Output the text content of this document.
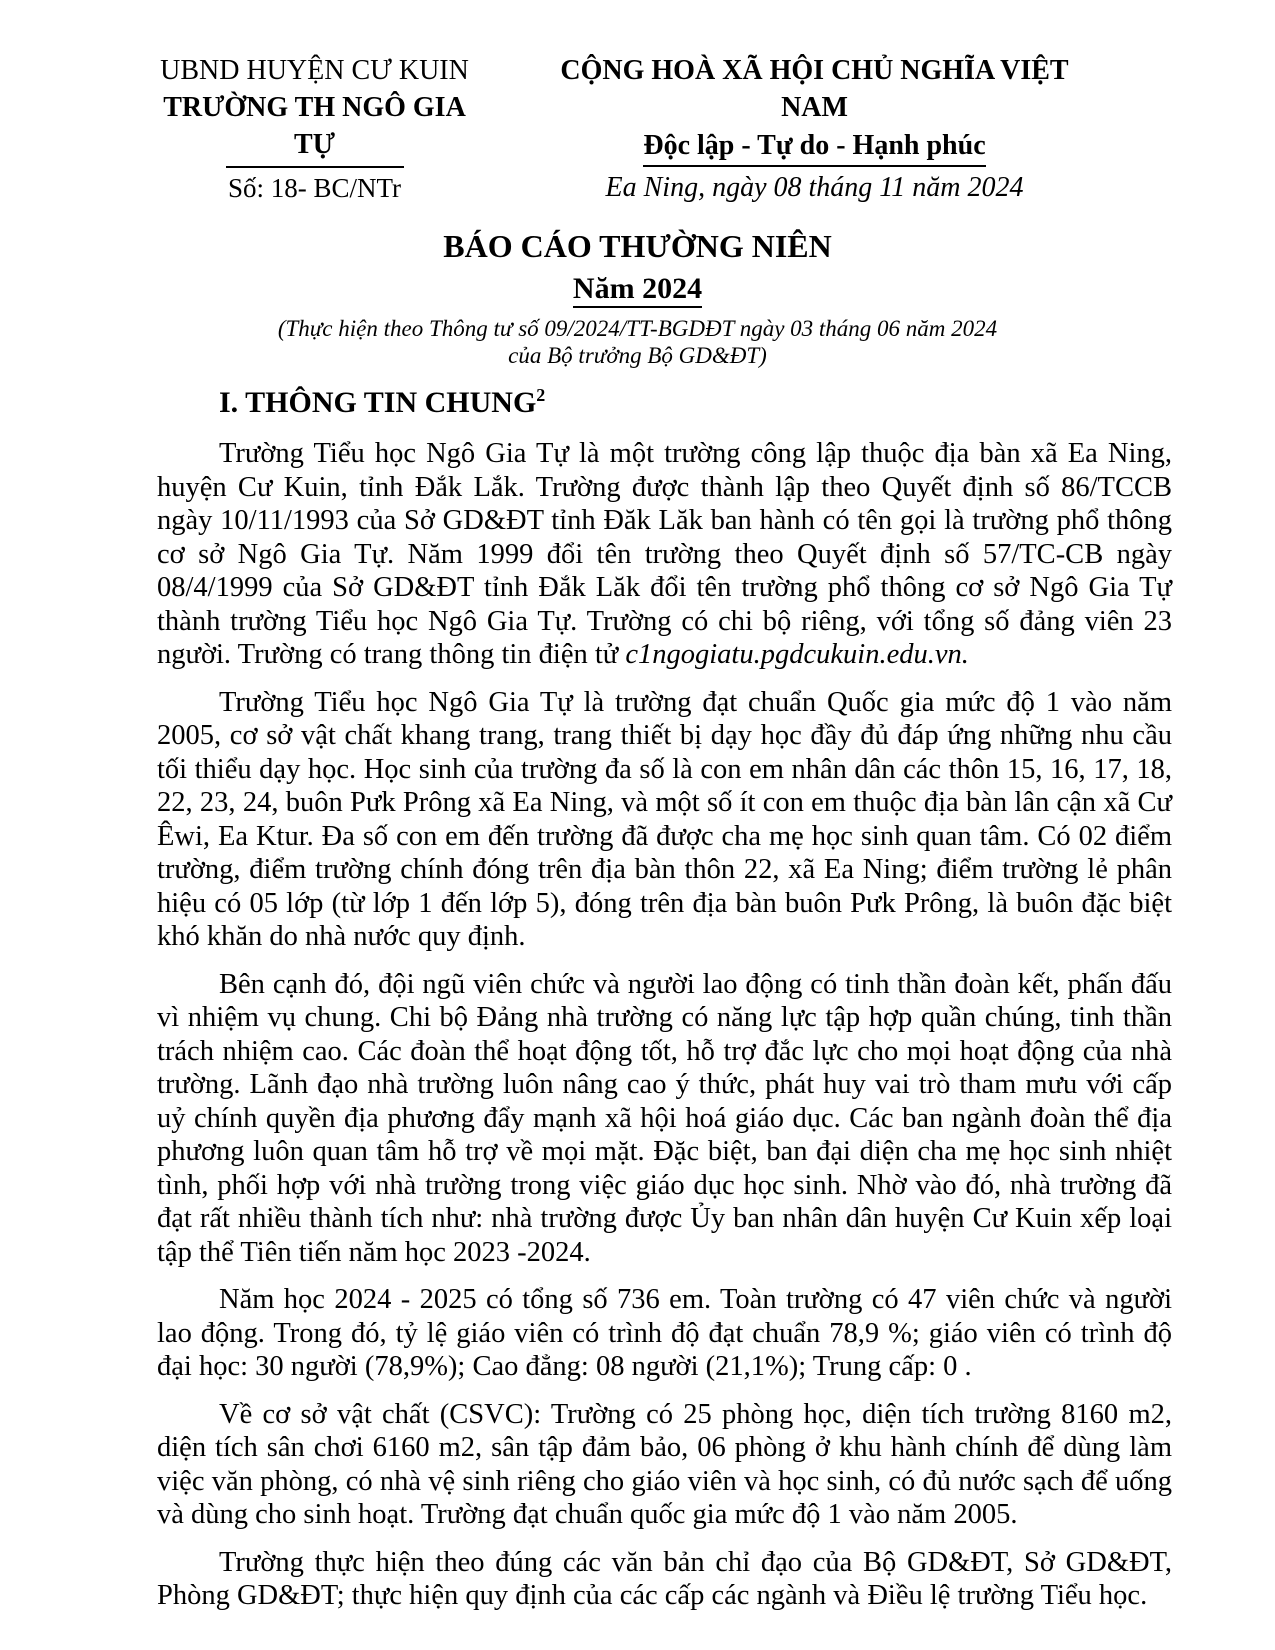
UBND HUYỆN CƯ KUIN
TRƯỜNG TH NGÔ GIA TỰ
Số: 18- BC/NTr
CỘNG HOÀ XÃ HỘI CHỦ NGHĨA VIỆT NAM
Độc lập - Tự do - Hạnh phúc
Ea Ning, ngày 08 tháng 11 năm 2024
BÁO CÁO THƯỜNG NIÊN
Năm 2024
(Thực hiện theo Thông tư số 09/2024/TT-BGDĐT ngày 03 tháng 06 năm 2024
của Bộ trưởng Bộ GD&ĐT)
I. THÔNG TIN CHUNG$^2$

Trường Tiểu học Ngô Gia Tự là một trường công lập thuộc địa bàn xã Ea Ning, huyện Cư Kuin, tỉnh Đắk Lắk. Trường được thành lập theo Quyết định số 86/TCCB ngày 10/11/1993 của Sở GD&ĐT tỉnh Đăk Lăk ban hành có tên gọi là trường phổ thông cơ sở Ngô Gia Tự. Năm 1999 đổi tên trường theo Quyết định số 57/TC-CB ngày 08/4/1999 của Sở GD&ĐT tỉnh Đắk Lăk đổi tên trường phổ thông cơ sở Ngô Gia Tự thành trường Tiểu học Ngô Gia Tự. Trường có chi bộ riêng, với tổng số đảng viên 23 người. Trường có trang thông tin điện tử c1ngogiatu.pgdcukuin.edu.vn.

Trường Tiểu học Ngô Gia Tự là trường đạt chuẩn Quốc gia mức độ 1 vào năm 2005, cơ sở vật chất khang trang, trang thiết bị dạy học đầy đủ đáp ứng những nhu cầu tối thiểu dạy học. Học sinh của trường đa số là con em nhân dân các thôn 15, 16, 17, 18, 22, 23, 24, buôn Pưk Prông xã Ea Ning, và một số ít con em thuộc địa bàn lân cận xã Cư Êwi, Ea Ktur. Đa số con em đến trường đã được cha mẹ học sinh quan tâm. Có 02 điểm trường, điểm trường chính đóng trên địa bàn thôn 22, xã Ea Ning; điểm trường lẻ phân hiệu có 05 lớp (từ lớp 1 đến lớp 5), đóng trên địa bàn buôn Pưk Prông, là buôn đặc biệt khó khăn do nhà nước quy định.

Bên cạnh đó, đội ngũ viên chức và người lao động có tinh thần đoàn kết, phấn đấu vì nhiệm vụ chung. Chi bộ Đảng nhà trường có năng lực tập hợp quần chúng, tinh thần trách nhiệm cao. Các đoàn thể hoạt động tốt, hỗ trợ đắc lực cho mọi hoạt động của nhà trường. Lãnh đạo nhà trường luôn nâng cao ý thức, phát huy vai trò tham mưu với cấp uỷ chính quyền địa phương đẩy mạnh xã hội hoá giáo dục. Các ban ngành đoàn thể địa phương luôn quan tâm hỗ trợ về mọi mặt. Đặc biệt, ban đại diện cha mẹ học sinh nhiệt tình, phối hợp với nhà trường trong việc giáo dục học sinh. Nhờ vào đó, nhà trường đã đạt rất nhiều thành tích như: nhà trường được Ủy ban nhân dân huyện Cư Kuin xếp loại tập thể Tiên tiến năm học 2023 -2024.

Năm học 2024 - 2025 có tổng số 736 em. Toàn trường có 47 viên chức và người lao động. Trong đó, tỷ lệ giáo viên có trình độ đạt chuẩn 78,9 %; giáo viên có trình độ đại học: 30 người (78,9%); Cao đẳng: 08 người (21,1%); Trung cấp: 0 .

Về cơ sở vật chất (CSVC): Trường có 25 phòng học, diện tích trường 8160 m2, diện tích sân chơi 6160 m2, sân tập đảm bảo, 06 phòng ở khu hành chính để dùng làm việc văn phòng, có nhà vệ sinh riêng cho giáo viên và học sinh, có đủ nước sạch để uống và dùng cho sinh hoạt. Trường đạt chuẩn quốc gia mức độ 1 vào năm 2005.

Trường thực hiện theo đúng các văn bản chỉ đạo của Bộ GD&ĐT, Sở GD&ĐT, Phòng GD&ĐT; thực hiện quy định của các cấp các ngành và Điều lệ trường Tiểu học.
